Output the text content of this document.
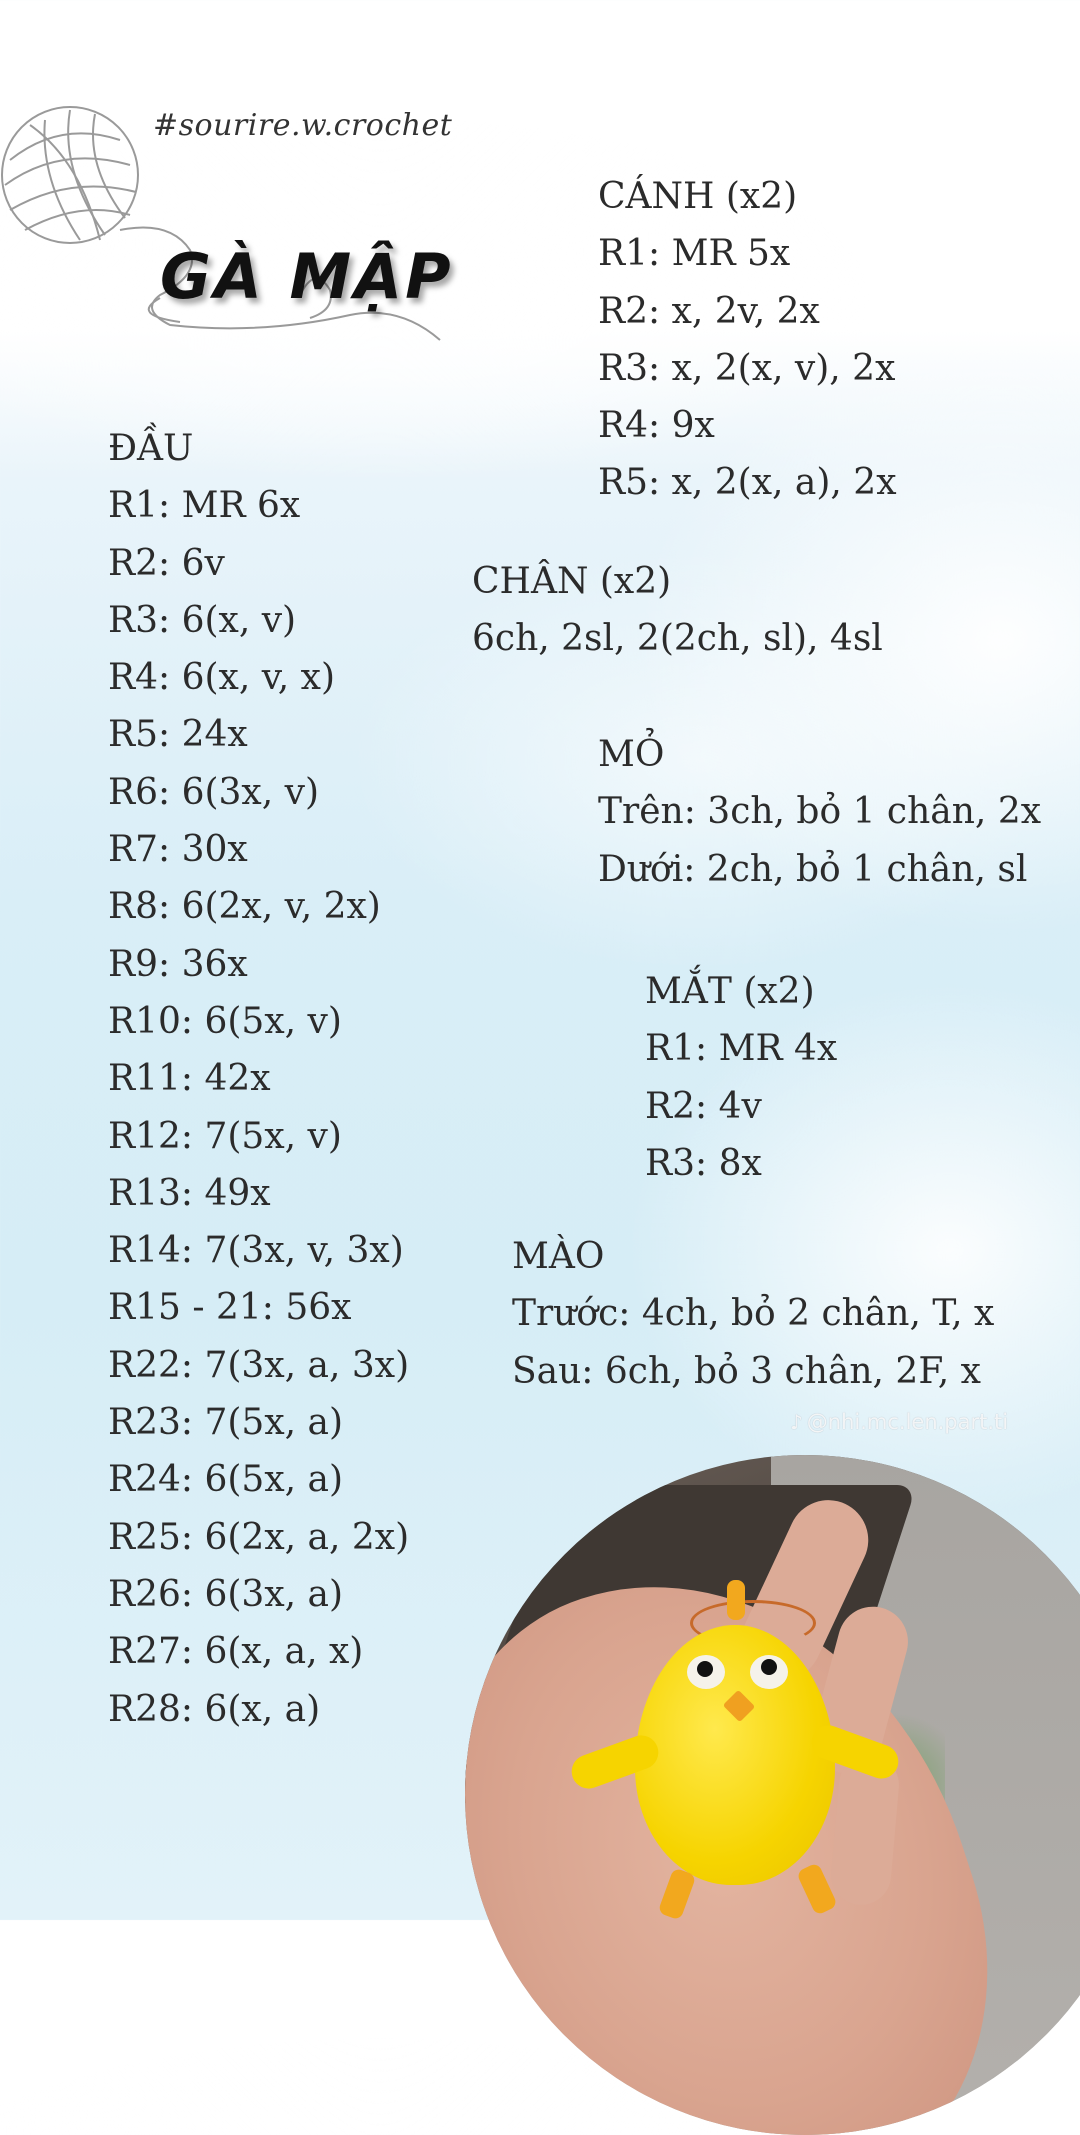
#sourire.w.crochet
GÀ MẬP
ĐẦU
R1: MR 6x
R2: 6v
R3: 6(x, v)
R4: 6(x, v, x)
R5: 24x
R6: 6(3x, v)
R7: 30x
R8: 6(2x, v, 2x)
R9: 36x
R10: 6(5x, v)
R11: 42x
R12: 7(5x, v)
R13: 49x
R14: 7(3x, v, 3x)
R15 - 21: 56x
R22: 7(3x, a, 3x)
R23: 7(5x, a)
R24: 6(5x, a)
R25: 6(2x, a, 2x)
R26: 6(3x, a)
R27: 6(x, a, x)
R28: 6(x, a)
CÁNH (x2)
R1: MR 5x
R2: x, 2v, 2x
R3: x, 2(x, v), 2x
R4: 9x
R5: x, 2(x, a), 2x
CHÂN (x2)
6ch, 2sl, 2(2ch, sl), 4sl
MỎ
Trên: 3ch, bỏ 1 chân, 2x
Dưới: 2ch, bỏ 1 chân, sl
MẮT (x2)
R1: MR 4x
R2: 4v
R3: 8x
MÀO
Trước: 4ch, bỏ 2 chân, T, x
Sau: 6ch, bỏ 3 chân, 2F, x
♪ @nhi.mc.len.part.ti
